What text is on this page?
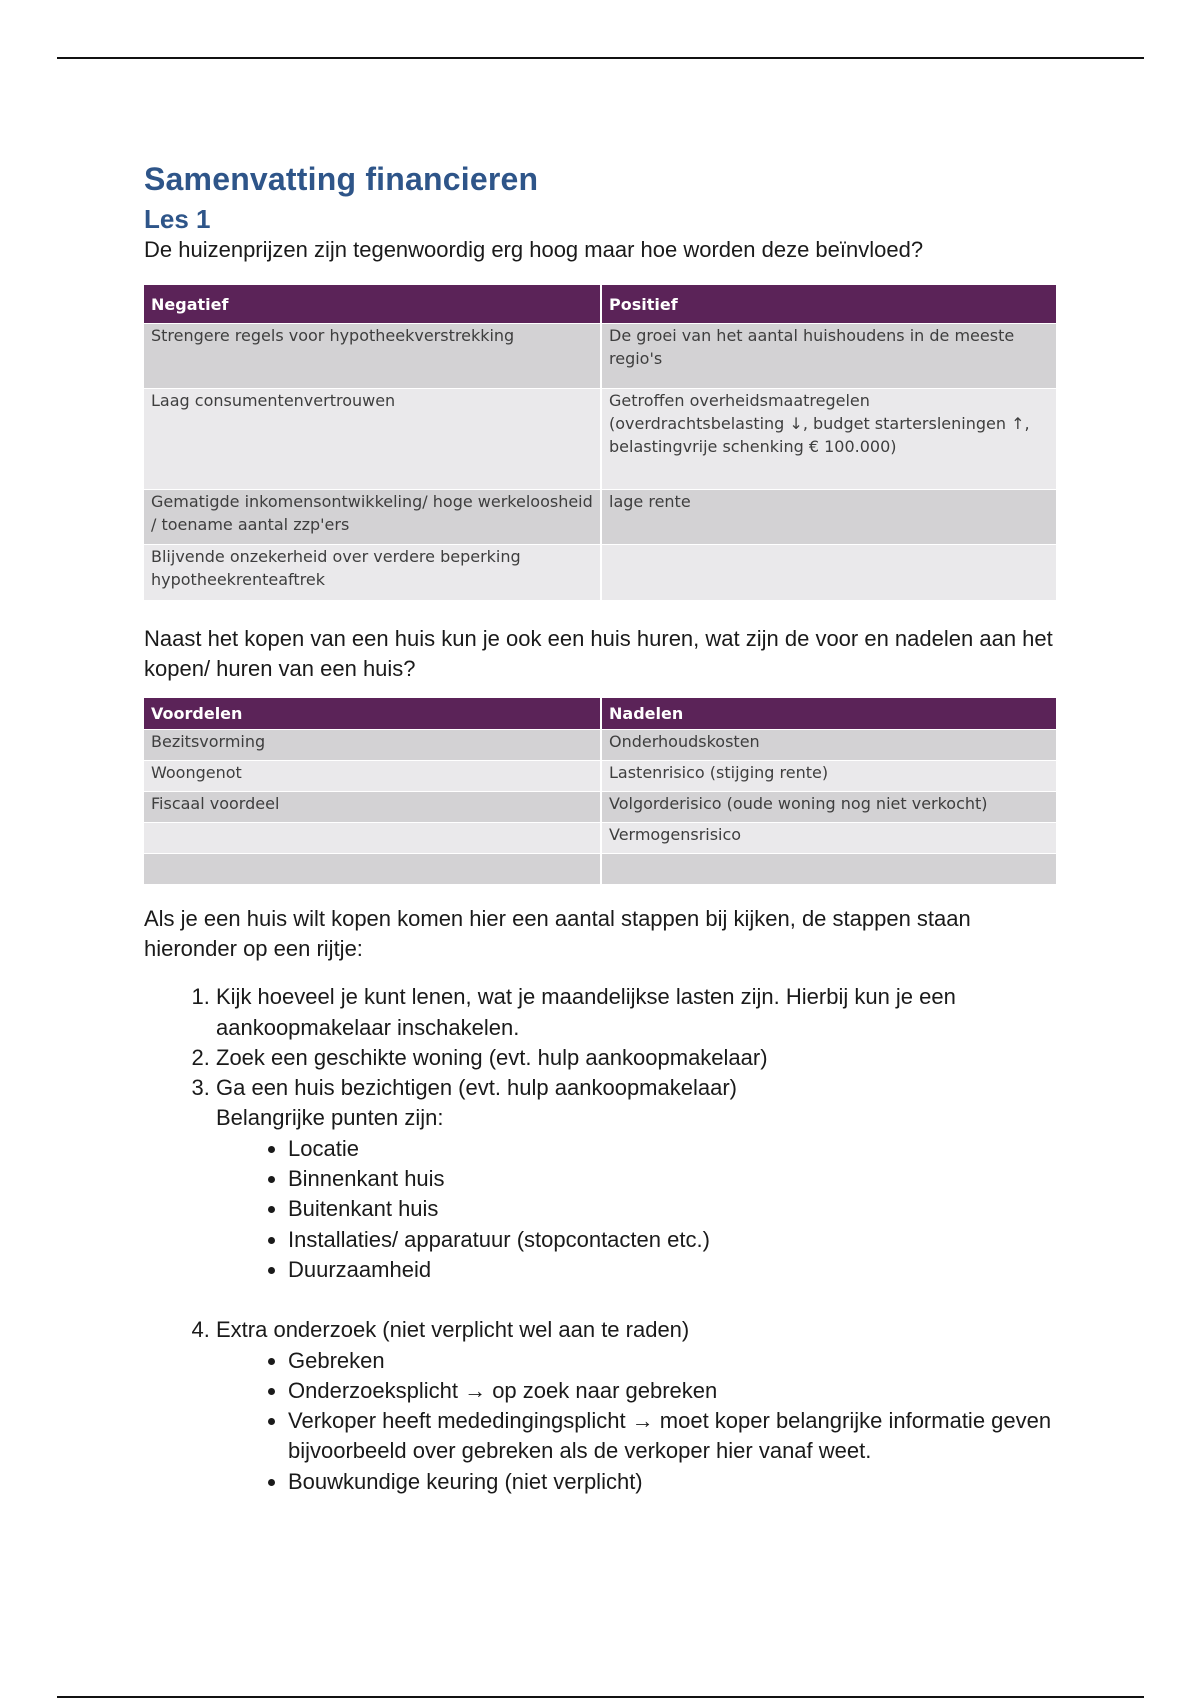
Samenvatting financieren
Les 1

De huizenprijzen zijn tegenwoordig erg hoog maar hoe worden deze beïnvloed?

Negatief	Positief
Strengere regels voor hypotheekverstrekking	De groei van het aantal huishoudens in de meeste regio's
Laag consumentenvertrouwen	Getroffen overheidsmaatregelen (overdrachtsbelasting ↓, budget startersleningen ↑, belastingvrije schenking € 100.000)
Gematigde inkomensontwikkeling/ hoge werkeloosheid / toename aantal zzp'ers	lage rente
Blijvende onzekerheid over verdere beperking hypotheekrenteaftrek	

Naast het kopen van een huis kun je ook een huis huren, wat zijn de voor en nadelen aan het kopen/ huren van een huis?

Voordelen	Nadelen
Bezitsvorming	Onderhoudskosten
Woongenot	Lastenrisico (stijging rente)
Fiscaal voordeel	Volgorderisico (oude woning nog niet verkocht)
	Vermogensrisico

Als je een huis wilt kopen komen hier een aantal stappen bij kijken, de stappen staan hieronder op een rijtje:

1. Kijk hoeveel je kunt lenen, wat je maandelijkse lasten zijn. Hierbij kun je een aankoopmakelaar inschakelen.
2. Zoek een geschikte woning (evt. hulp aankoopmakelaar)
3. Ga een huis bezichtigen (evt. hulp aankoopmakelaar)
Belangrijke punten zijn:
• Locatie
• Binnenkant huis
• Buitenkant huis
• Installaties/ apparatuur (stopcontacten etc.)
• Duurzaamheid
4. Extra onderzoek (niet verplicht wel aan te raden)
• Gebreken
• Onderzoeksplicht → op zoek naar gebreken
• Verkoper heeft mededingingsplicht → moet koper belangrijke informatie geven bijvoorbeeld over gebreken als de verkoper hier vanaf weet.
• Bouwkundige keuring (niet verplicht)
